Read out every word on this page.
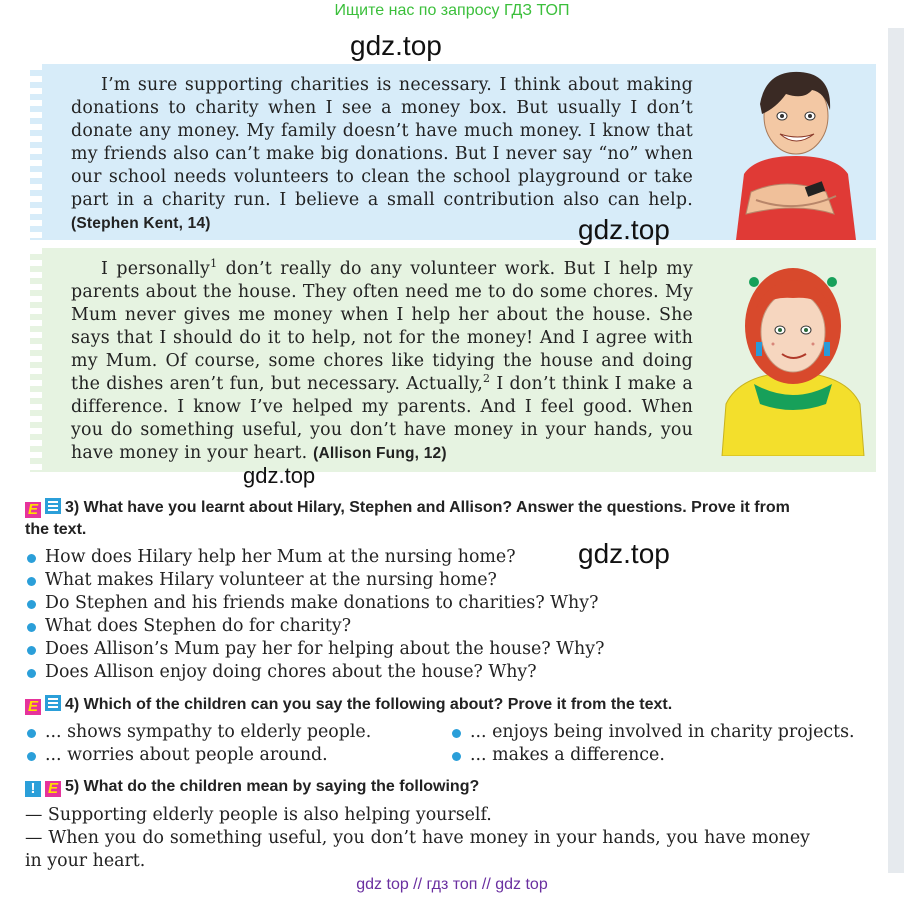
Ищите нас по запросу ГДЗ ТОП
gdz.top

I’m sure supporting charities is necessary. I think about making donations to charity when I see a money box. But usually I don’t donate any money. My family doesn’t have much money. I know that my friends also can’t make big donations. But I never say “no” when our school needs volunteers to clean the school playground or take part in a charity run. I believe a small contribution also can help. (Stephen Kent, 14)

I personally$^1$ don’t really do any volunteer work. But I help my parents about the house. They often need me to do some chores. My Mum never gives me money when I help her about the house. She says that I should do it to help, not for the money! And I agree with my Mum. Of course, some chores like tidying the house and doing the dishes aren’t fun, but necessary. Actually,$^2$ I don’t think I make a difference. I know I’ve helped my parents. And I feel good. When you do something useful, you don’t have money in your hands, you have money in your heart. (Allison Fung, 12)

gdz.top
gdz.top
Е 3) What have you learnt about Hilary, Stephen and Allison? Answer the questions. Prove it from the text.
How does Hilary help her Mum at the nursing home?
What makes Hilary volunteer at the nursing home?
Do Stephen and his friends make donations to charities? Why?
What does Stephen do for charity?
Does Allison’s Mum pay her for helping about the house? Why?
Does Allison enjoy doing chores about the house? Why?
gdz.top
Е 4) Which of the children can you say the following about? Prove it from the text.
... shows sympathy to elderly people.
... worries about people around.
... enjoys being involved in charity projects.
... makes a difference.
! Е 5) What do the children mean by saying the following?
— Supporting elderly people is also helping yourself.
— When you do something useful, you don’t have money in your hands, you have money in your heart.
gdz top // гдз топ // gdz top
